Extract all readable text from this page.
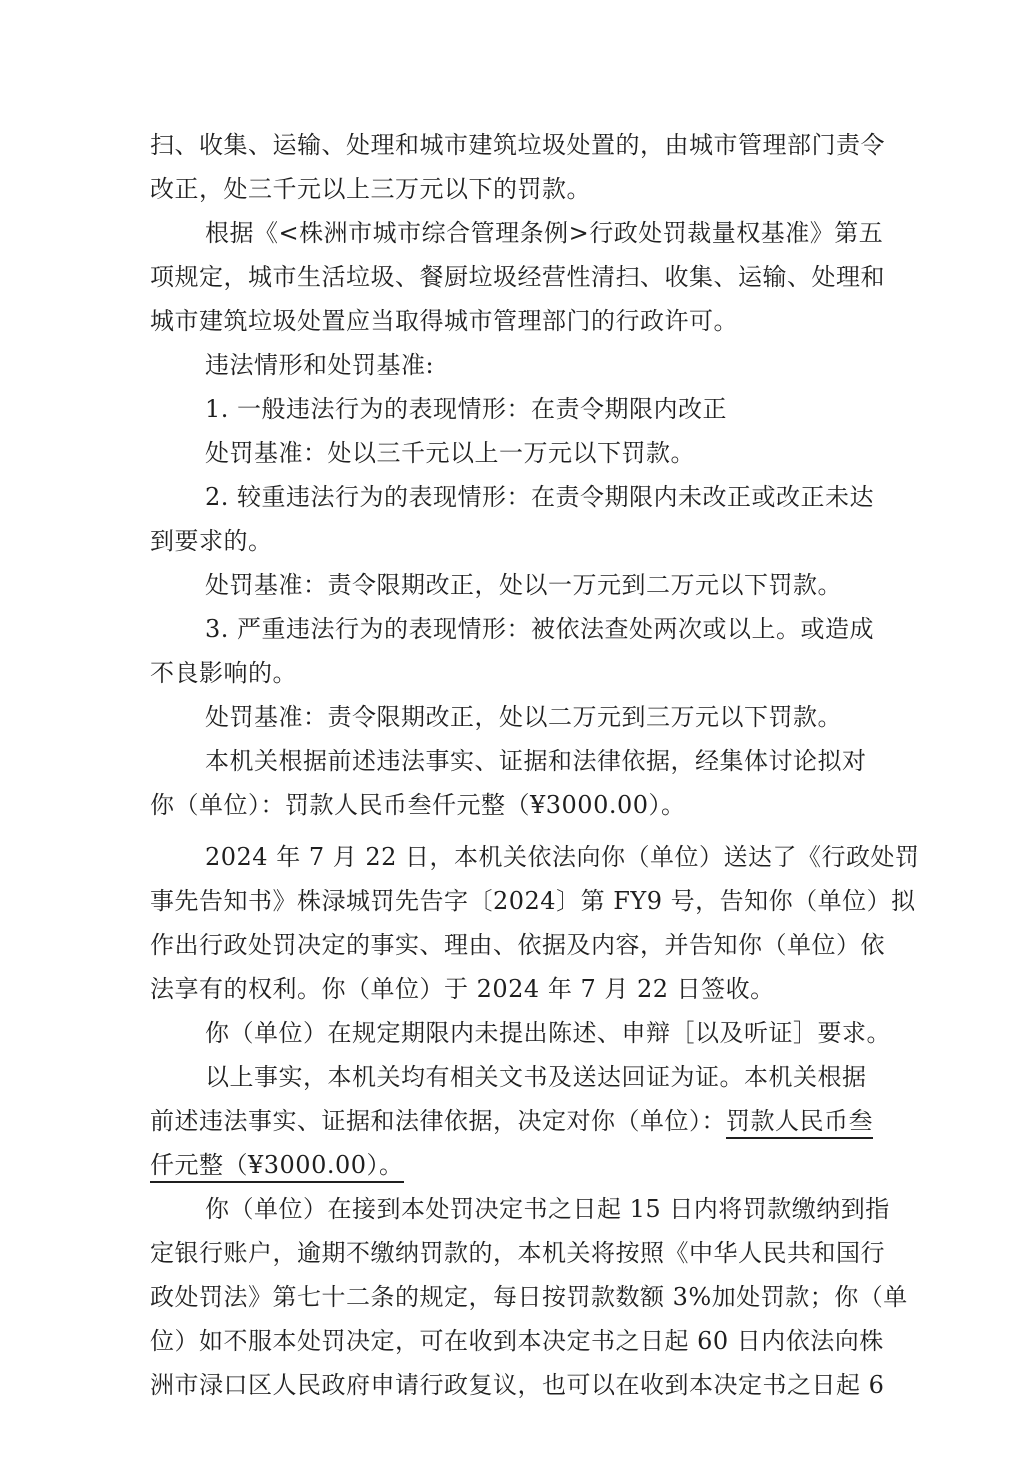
扫、收集、运输、处理和城市建筑垃圾处置的，由城市管理部门责令
改正，处三千元以上三万元以下的罚款。
根据《<株洲市城市综合管理条例>行政处罚裁量权基准》第五
项规定，城市生活垃圾、餐厨垃圾经营性清扫、收集、运输、处理和
城市建筑垃圾处置应当取得城市管理部门的行政许可。
违法情形和处罚基准:
1. 一般违法行为的表现情形：在责令期限内改正
处罚基准：处以三千元以上一万元以下罚款。
2. 较重违法行为的表现情形：在责令期限内未改正或改正未达
到要求的。
处罚基准：责令限期改正，处以一万元到二万元以下罚款。
3. 严重违法行为的表现情形：被依法查处两次或以上。或造成
不良影响的。
处罚基准：责令限期改正，处以二万元到三万元以下罚款。
本机关根据前述违法事实、证据和法律依据，经集体讨论拟对
你（单位）：罚款人民币叁仟元整（¥3000.00）。
2024 年 7 月 22 日，本机关依法向你（单位）送达了《行政处罚
事先告知书》株渌城罚先告字〔2024〕第 FY9 号，告知你（单位）拟
作出行政处罚决定的事实、理由、依据及内容，并告知你（单位）依
法享有的权利。你（单位）于 2024 年 7 月 22 日签收。
你（单位）在规定期限内未提出陈述、申辩［以及听证］要求。
以上事实，本机关均有相关文书及送达回证为证。本机关根据
前述违法事实、证据和法律依据，决定对你（单位）：罚款人民币叁
仟元整（¥3000.00）。
你（单位）在接到本处罚决定书之日起 15 日内将罚款缴纳到指
定银行账户，逾期不缴纳罚款的，本机关将按照《中华人民共和国行
政处罚法》第七十二条的规定，每日按罚款数额 3%加处罚款；你（单
位）如不服本处罚决定，可在收到本决定书之日起 60 日内依法向株
洲市渌口区人民政府申请行政复议，也可以在收到本决定书之日起 6
